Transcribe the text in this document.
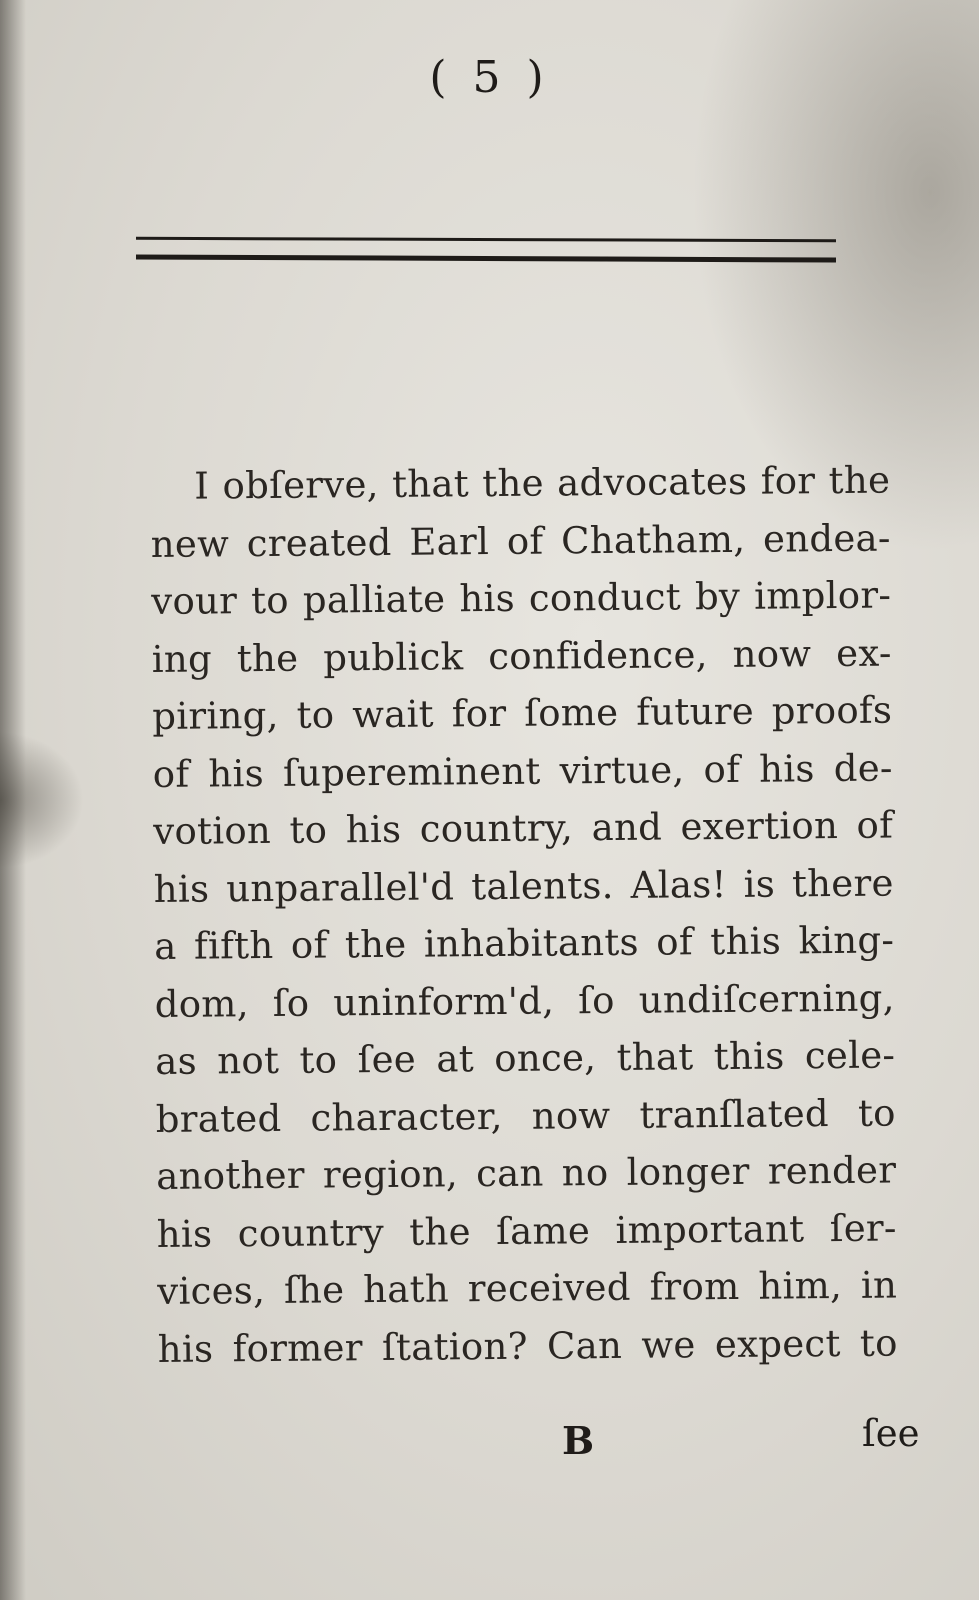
( 5 )
I obſerve, that the advocates for the
new created Earl of Chatham, endea-
vour to palliate his conduct by implor-
ing the publick confidence, now ex-
piring, to wait for ſome future proofs
of his ſupereminent virtue, of his de-
votion to his country, and exertion of
his unparallel'd talents. Alas! is there
a fifth of the inhabitants of this king-
dom, ſo uninform'd, ſo undiſcerning,
as not to ſee at once, that this cele-
brated character, now tranſlated to
another region, can no longer render
his country the ſame important ſer-
vices, ſhe hath received from him, in
his former ſtation? Can we expect to
B	ſee
